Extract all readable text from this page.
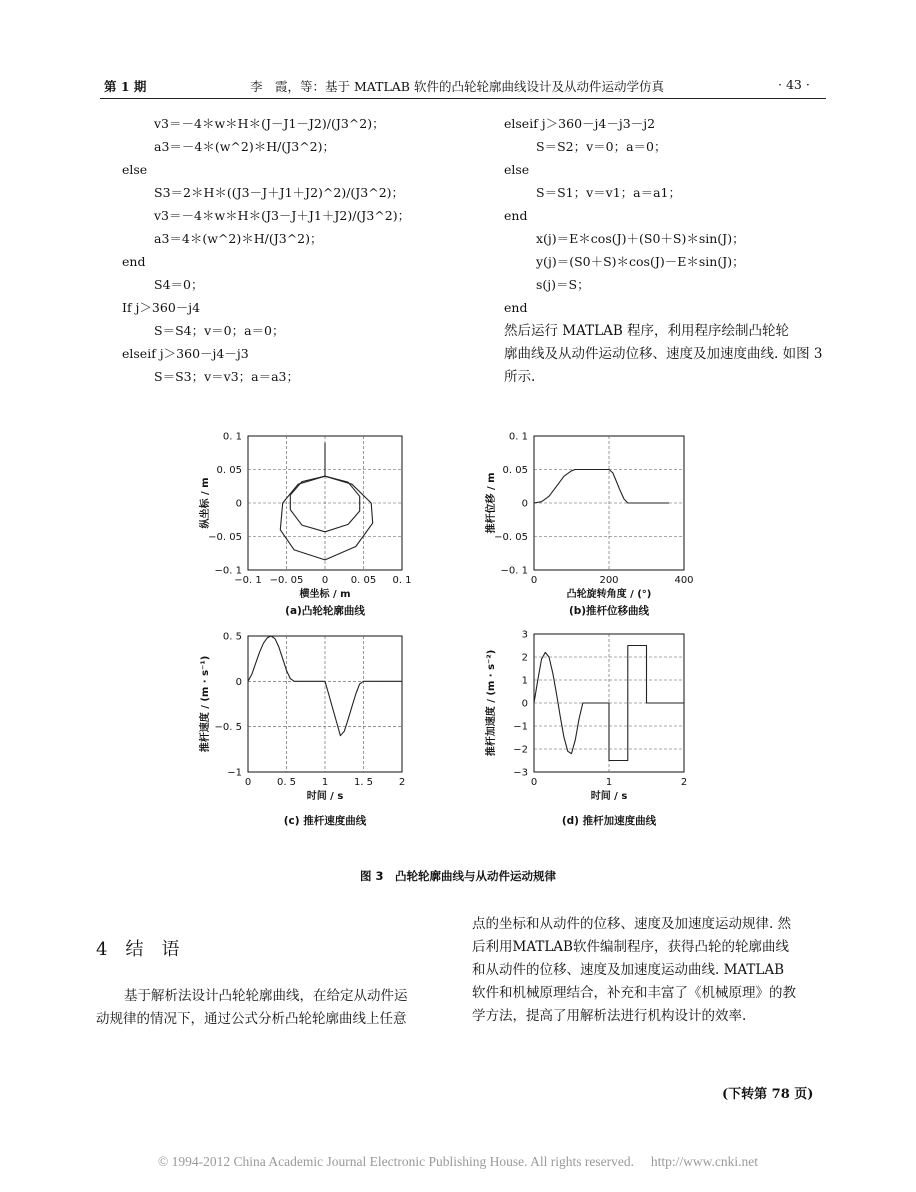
第 1 期	李　霞，等：基于 MATLAB 软件的凸轮轮廓曲线设计及从动件运动学仿真	· 43 ·
v3＝－4＊w＊H＊(J－J1－J2)/(J3^2)；
a3＝－4＊(w^2)＊H/(J3^2)；
else
S3＝2＊H＊((J3－J＋J1＋J2)^2)/(J3^2)；
v3＝－4＊w＊H＊(J3－J＋J1＋J2)/(J3^2)；
a3＝4＊(w^2)＊H/(J3^2)；
end
S4＝0；
If j＞360－j4
S＝S4；v＝0；a＝0；
elseif j＞360－j4－j3
S＝S3；v＝v3；a＝a3；
elseif j＞360－j4－j3－j2
S＝S2；v＝0；a＝0；
else
S＝S1；v＝v1；a＝a1；
end
x(j)＝E＊cos(J)＋(S0＋S)＊sin(J)；
y(j)＝(S0＋S)＊cos(J)－E＊sin(J)；
s(j)＝S；
end
然后运行 MATLAB 程序，利用程序绘制凸轮轮
廓曲线及从动件运动位移、速度及加速度曲线. 如图 3
所示.
−0. 1 −0. 05 0 0. 05 0. 1
0. 1
0. 05
0
−0. 05
−0. 1
横坐标 / m
纵坐标 / m
(a)凸轮轮廓曲线
0	200	400
0. 1
0. 05
0
−0. 05
−0. 1
凸轮旋转角度 / (°)
推杆位移 / m
(b)推杆位移曲线
0	0. 5	1	1. 5	2
0. 5
0
−0. 5
−1
时间 / s
推杆速度 / (m · s⁻¹)
(c) 推杆速度曲线
0	1	2
3
2
1
0
−1
−2
−3
时间 / s
推杆加速度 / (m · s⁻²)
(d) 推杆加速度曲线
图 3　凸轮轮廓曲线与从动件运动规律
4　结　语
基于解析法设计凸轮轮廓曲线，在给定从动件运
动规律的情况下，通过公式分析凸轮轮廓曲线上任意
点的坐标和从动件的位移、速度及加速度运动规律. 然
后利用MATLAB软件编制程序，获得凸轮的轮廓曲线
和从动件的位移、速度及加速度运动曲线. MATLAB
软件和机械原理结合，补充和丰富了《机械原理》的教
学方法，提高了用解析法进行机构设计的效率.
(下转第 78 页)
© 1994-2012 China Academic Journal Electronic Publishing House. All rights reserved.　 http://www.cnki.net
